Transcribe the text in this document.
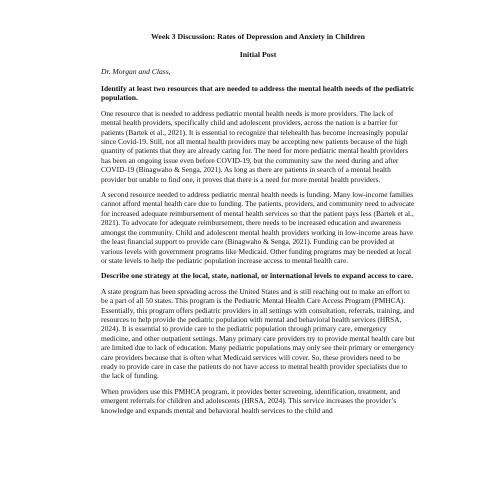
Week 3 Discussion: Rates of Depression and Anxiety in Children

Initial Post

Dr. Morgan and Class,

Identify at least two resources that are needed to address the mental health needs of the pediatric population.

One resource that is needed to address pediatric mental health needs is more providers. The lack of mental health providers, specifically child and adolescent providers, across the nation is a barrier for patients (Bartek et al., 2021). It is essential to recognize that telehealth has become increasingly popular since Covid-19. Still, not all mental health providers may be accepting new patients because of the high quantity of patients that they are already caring for. The need for more pediatric mental health providers has been an ongoing issue even before COVID-19, but the community saw the need during and after COVID-19 (Binagwaho & Senga, 2021). As long as there are patients in search of a mental health provider but unable to find one, it proves that there is a need for more mental health providers.

A second resource needed to address pediatric mental health needs is funding. Many low-income families cannot afford mental health care due to funding. The patients, providers, and community need to advocate for increased adequate reimbursement of mental health services so that the patient pays less (Bartek et al., 2021). To advocate for adequate reimbursement, there needs to be increased education and awareness amongst the community. Child and adolescent mental health providers working in low-income areas have the least financial support to provide care (Binagwaho & Senga, 2021). Funding can be provided at various levels with government programs like Medicaid. Other funding programs may be needed at local or state levels to help the pediatric population increase access to mental health care.

Describe one strategy at the local, state, national, or international levels to expand access to care.

A state program has been spreading across the United States and is still reaching out to make an effort to be a part of all 50 states. This program is the Pediatric Mental Health Care Access Program (PMHCA). Essentially, this program offers pediatric providers in all settings with consultation, referrals, training, and resources to help provide the pediatric population with mental and behavioral health services (HRSA, 2024). It is essential to provide care to the pediatric population through primary care, emergency medicine, and other outpatient settings. Many primary care providers try to provide mental health care but are limited due to lack of education. Many pediatric populations may only see their primary or emergency care providers because that is often what Medicaid services will cover. So, these providers need to be ready to provide care in case the patients do not have access to mental health provider specialists due to the lack of funding.

When providers use this PMHCA program, it provides better screening, identification, treatment, and emergent referrals for children and adolescents (HRSA, 2024). This service increases the provider’s knowledge and expands mental and behavioral health services to the child and
